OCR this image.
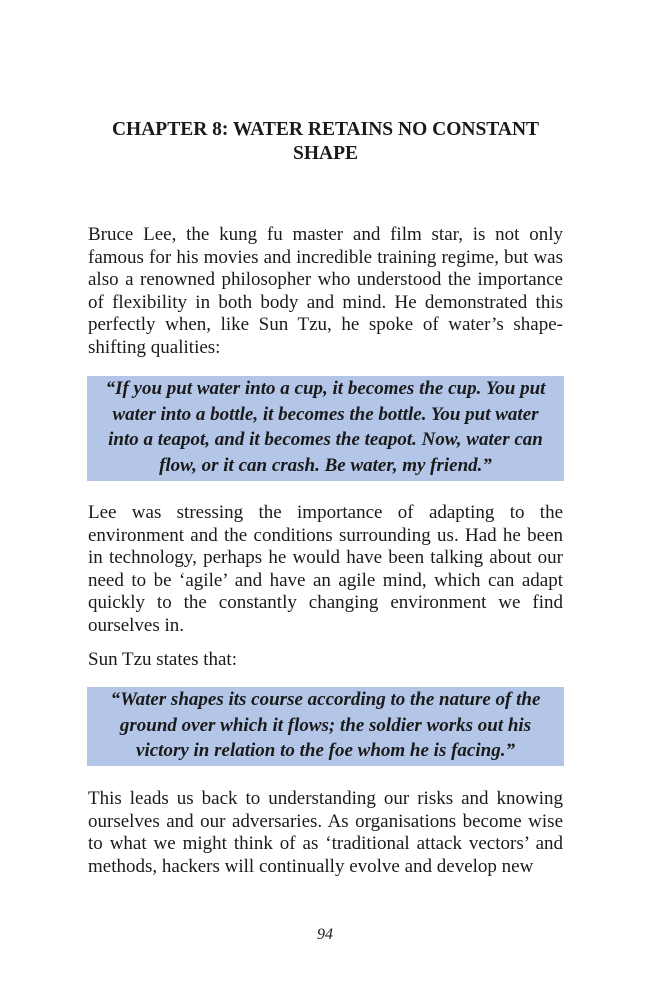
CHAPTER 8: WATER RETAINS NO CONSTANT
SHAPE

Bruce Lee, the kung fu master and film star, is not only famous for his movies and incredible training regime, but was also a renowned philosopher who understood the importance of flexibility in both body and mind. He demonstrated this perfectly when, like Sun Tzu, he spoke of water’s shape-shifting qualities:

“If you put water into a cup, it becomes the cup. You put water into a bottle, it becomes the bottle. You put water into a teapot, and it becomes the teapot. Now, water can flow, or it can crash. Be water, my friend.”

Lee was stressing the importance of adapting to the environment and the conditions surrounding us. Had he been in technology, perhaps he would have been talking about our need to be ‘agile’ and have an agile mind, which can adapt quickly to the constantly changing environment we find ourselves in.

Sun Tzu states that:

“Water shapes its course according to the nature of the ground over which it flows; the soldier works out his victory in relation to the foe whom he is facing.”

This leads us back to understanding our risks and knowing ourselves and our adversaries. As organisations become wise to what we might think of as ‘traditional attack vectors’ and methods, hackers will continually evolve and develop new

94
